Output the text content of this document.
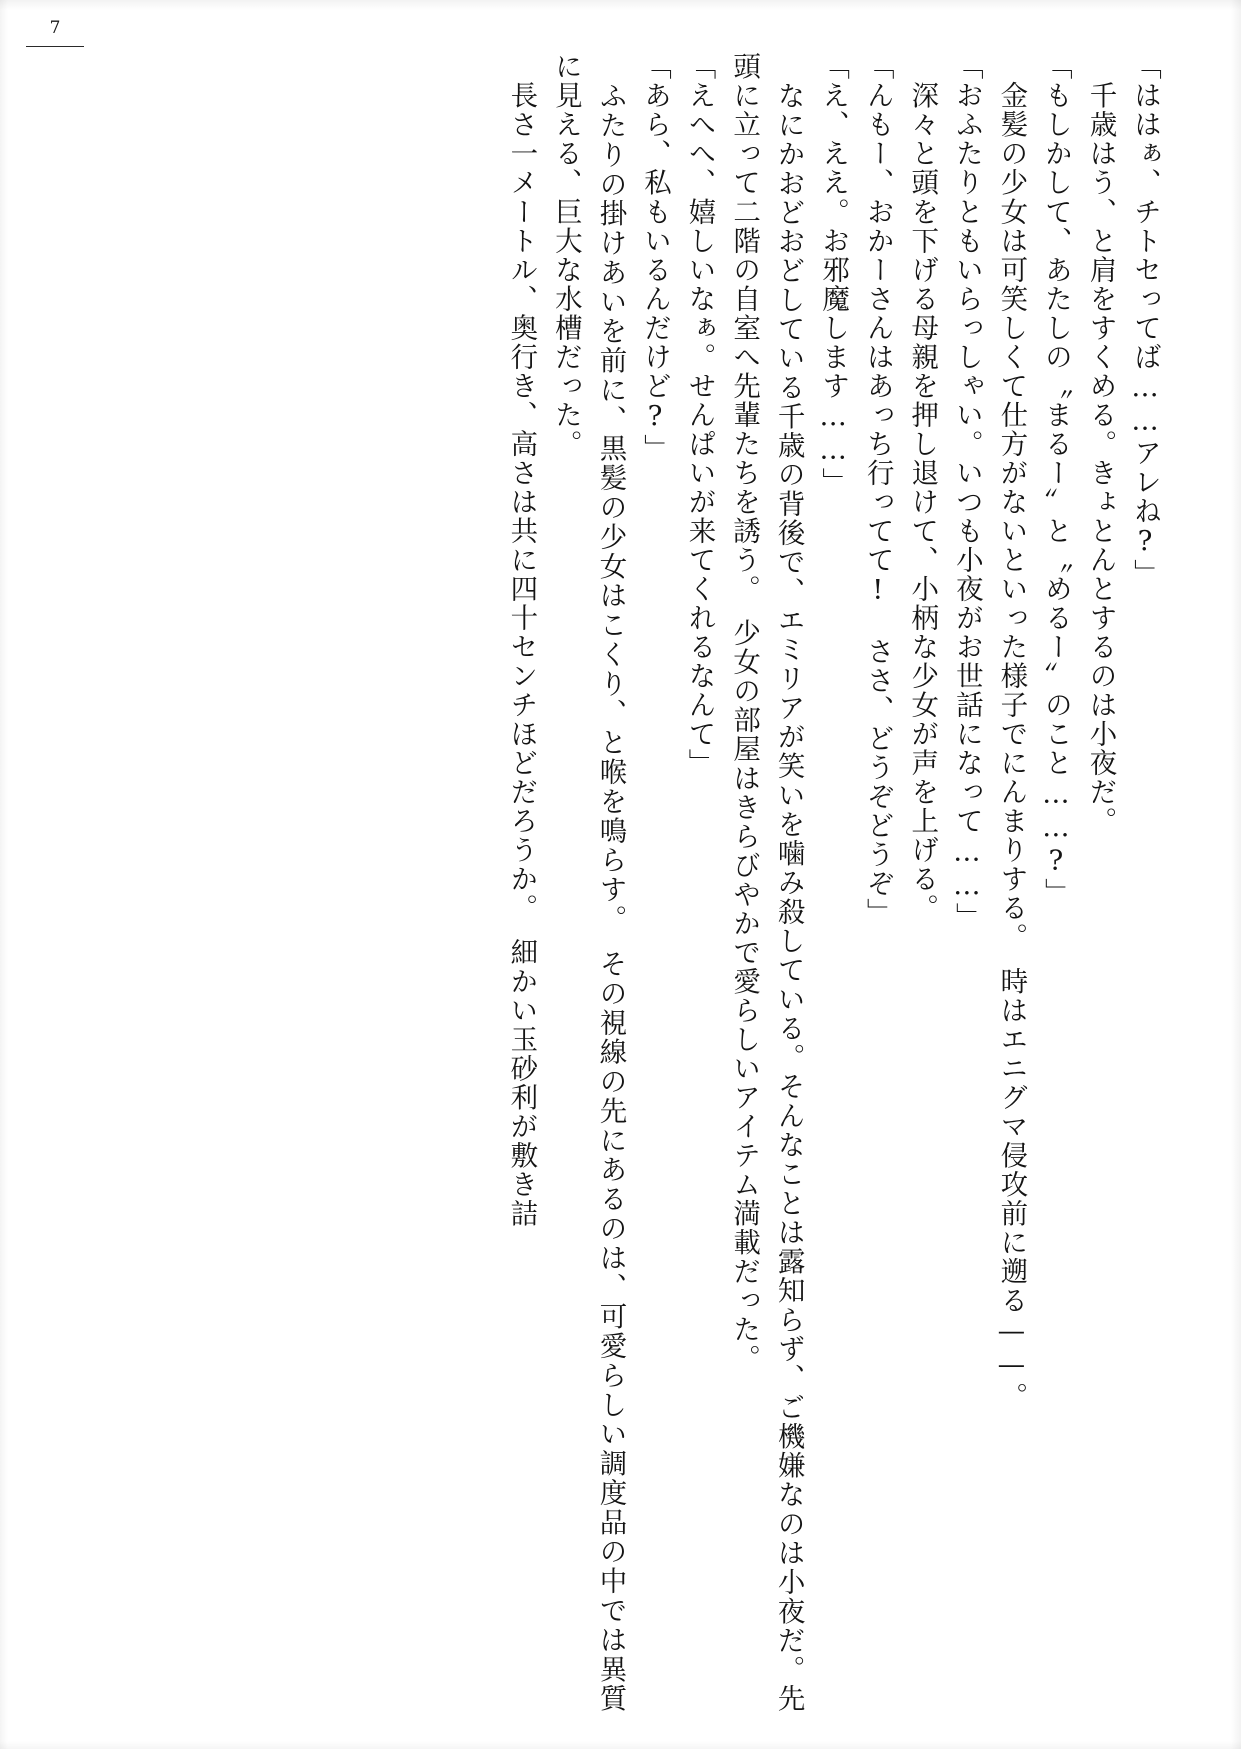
7

「ははぁ、チトセってば……アレね?」

　千歳はう、と肩をすくめる。きょとんとするのは小夜だ。

「もしかして、あたしの〝まるー〟と〝めるー〟のこと……?」

　金髪の少女は可笑しくて仕方がないといった様子でにんまりする。　時はエニグマ侵攻前に遡る——。

「おふたりともいらっしゃい。いつも小夜がお世話になって……」

　深々と頭を下げる母親を押し退けて、小柄な少女が声を上げる。

「んもー、おかーさんはあっち行ってて!　ささ、どうぞどうぞ」

「え、ええ。お邪魔します……」

　なにかおどおどしている千歳の背後で、エミリアが笑いを噛み殺している。そんなことは露知らず、ご機嫌なのは小夜だ。先頭に立って二階の自室へ先輩たちを誘う。　少女の部屋はきらびやかで愛らしいアイテム満載だった。

「えへへ、嬉しいなぁ。せんぱいが来てくれるなんて」

「あら、私もいるんだけど?」

　ふたりの掛けあいを前に、黒髪の少女はこくり、と喉を鳴らす。　その視線の先にあるのは、可愛らしい調度品の中では異質に見える、巨大な水槽だった。

　長さ一メートル、奥行き、高さは共に四十センチほどだろうか。　細かい玉砂利が敷き詰
